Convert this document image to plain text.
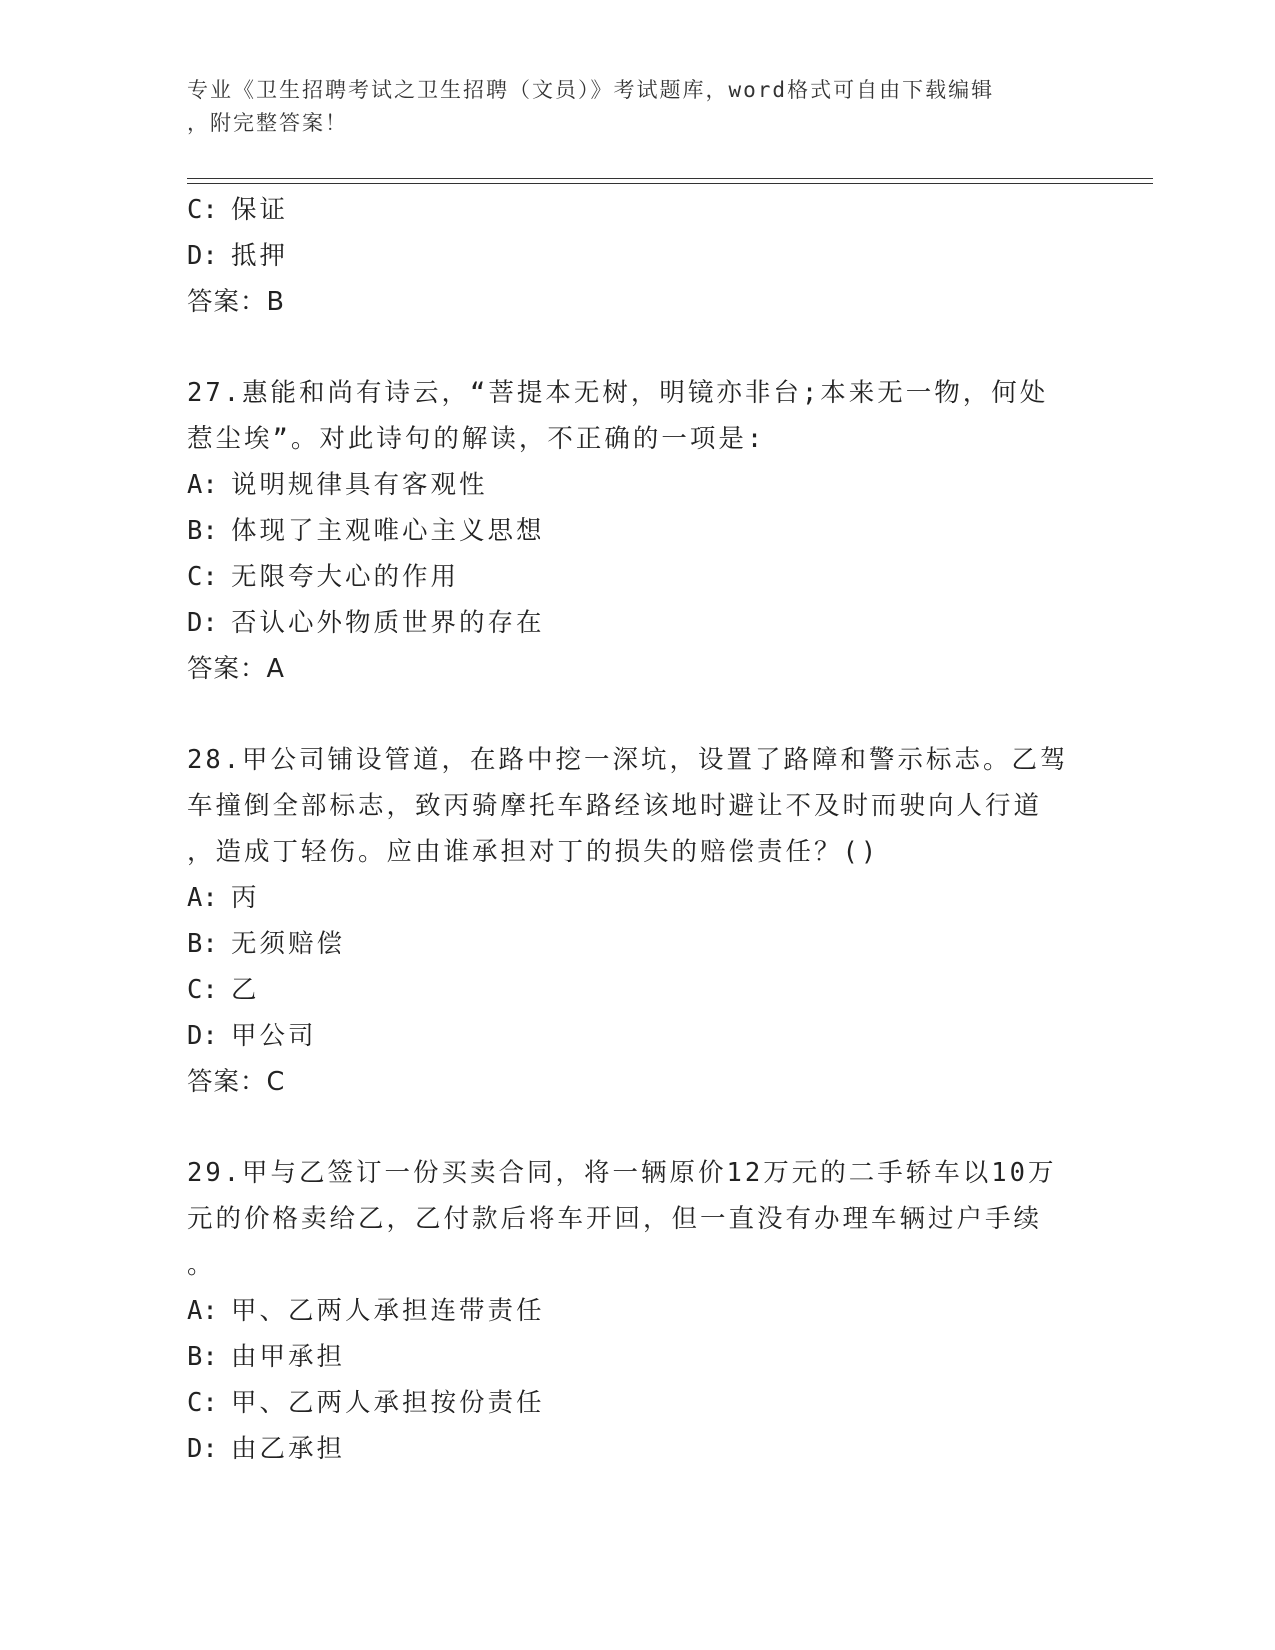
专业《卫生招聘考试之卫生招聘（文员）》考试题库，word格式可自由下载编辑
，附完整答案！

C: 保证

D: 抵押

答案：B

27.惠能和尚有诗云，“菩提本无树，明镜亦非台;本来无一物，何处

惹尘埃”。对此诗句的解读，不正确的一项是:

A: 说明规律具有客观性

B: 体现了主观唯心主义思想

C: 无限夸大心的作用

D: 否认心外物质世界的存在

答案：A

28.甲公司铺设管道，在路中挖一深坑，设置了路障和警示标志。乙驾

车撞倒全部标志，致丙骑摩托车路经该地时避让不及时而驶向人行道

，造成丁轻伤。应由谁承担对丁的损失的赔偿责任？()

A: 丙

B: 无须赔偿

C: 乙

D: 甲公司

答案：C

29.甲与乙签订一份买卖合同，将一辆原价12万元的二手轿车以10万

元的价格卖给乙，乙付款后将车开回，但一直没有办理车辆过户手续

。

A: 甲、乙两人承担连带责任

B: 由甲承担

C: 甲、乙两人承担按份责任

D: 由乙承担
